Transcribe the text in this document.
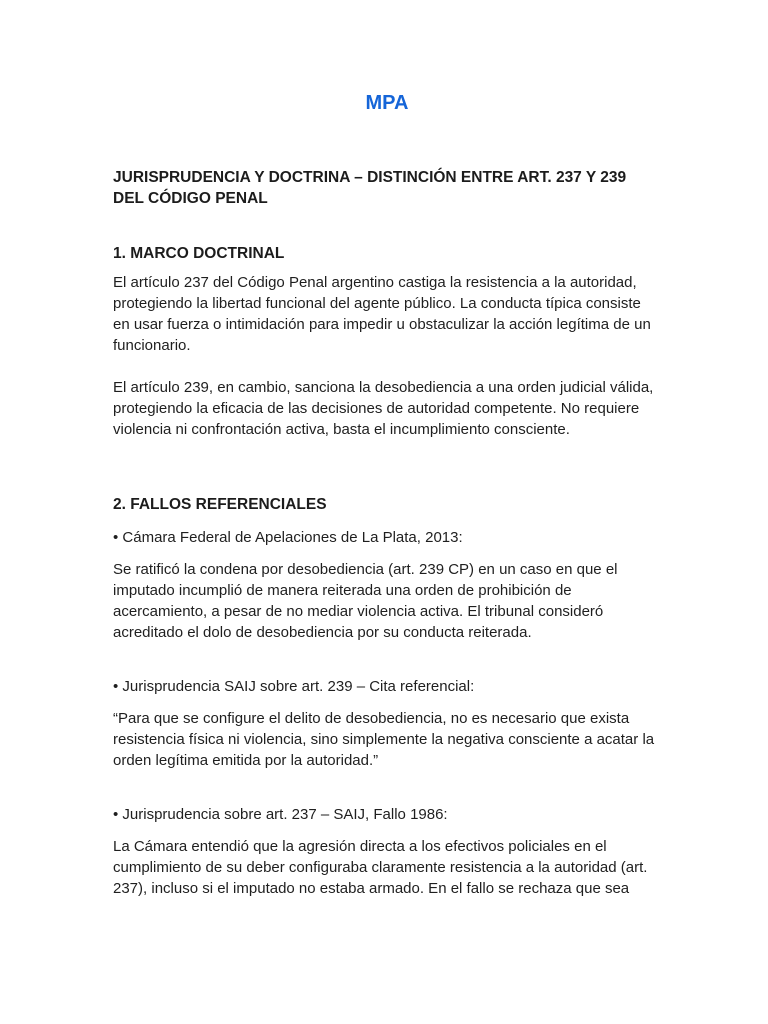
MPA
JURISPRUDENCIA Y DOCTRINA – DISTINCIÓN ENTRE ART. 237 Y 239 DEL CÓDIGO PENAL
1. MARCO DOCTRINAL

El artículo 237 del Código Penal argentino castiga la resistencia a la autoridad, protegiendo la libertad funcional del agente público. La conducta típica consiste en usar fuerza o intimidación para impedir u obstaculizar la acción legítima de un funcionario.

El artículo 239, en cambio, sanciona la desobediencia a una orden judicial válida, protegiendo la eficacia de las decisiones de autoridad competente. No requiere violencia ni confrontación activa, basta el incumplimiento consciente.

2. FALLOS REFERENCIALES

• Cámara Federal de Apelaciones de La Plata, 2013:

Se ratificó la condena por desobediencia (art. 239 CP) en un caso en que el imputado incumplió de manera reiterada una orden de prohibición de acercamiento, a pesar de no mediar violencia activa. El tribunal consideró acreditado el dolo de desobediencia por su conducta reiterada.

• Jurisprudencia SAIJ sobre art. 239 – Cita referencial:

“Para que se configure el delito de desobediencia, no es necesario que exista resistencia física ni violencia, sino simplemente la negativa consciente a acatar la orden legítima emitida por la autoridad.”

• Jurisprudencia sobre art. 237 – SAIJ, Fallo 1986:

La Cámara entendió que la agresión directa a los efectivos policiales en el cumplimiento de su deber configuraba claramente resistencia a la autoridad (art. 237), incluso si el imputado no estaba armado. En el fallo se rechaza que sea
